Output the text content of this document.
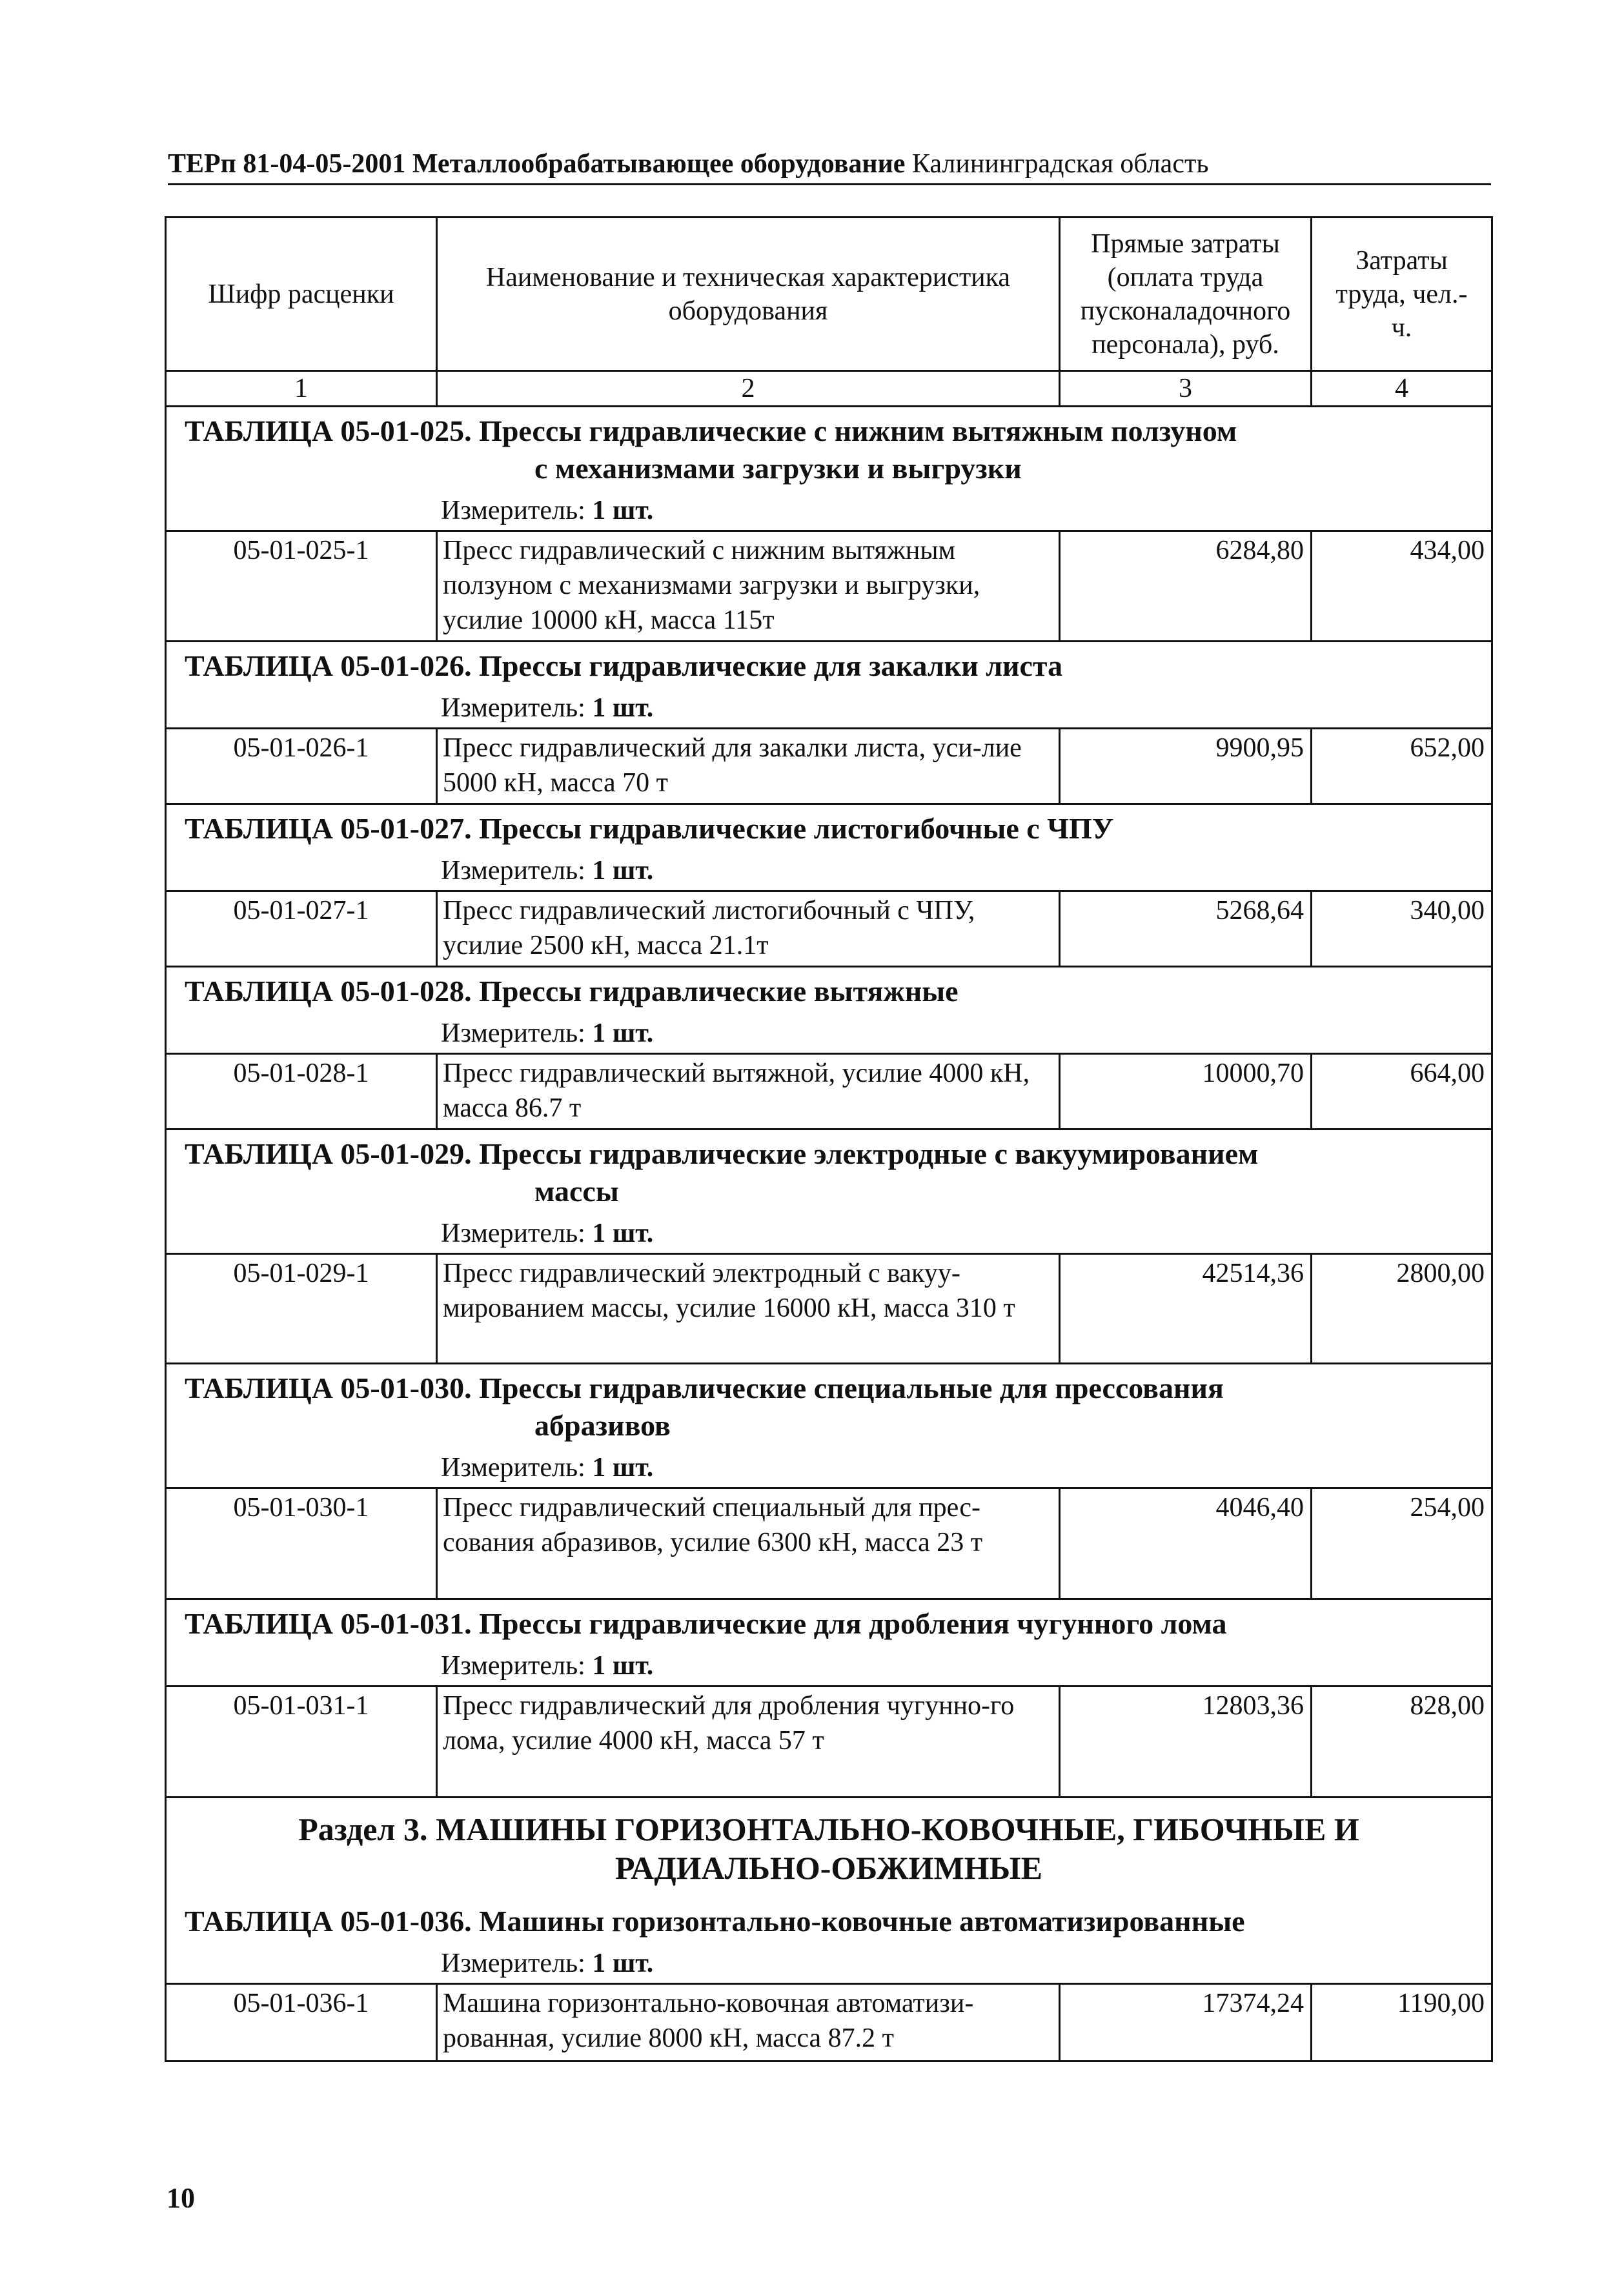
ТЕРп 81-04-05-2001 Металлообрабатывающее оборудование Калининградская область
Шифр расценки	Наименование и техническая характеристика оборудования	Прямые затраты (оплата труда пусконаладочного персонала), руб.	Затраты труда, чел.-ч.
1	2	3	4

ТАБЛИЦА 05-01-025. Прессы гидравлические с нижним вытяжным ползуном
с механизмами загрузки и выгрузки
Измеритель: 1 шт.			

05-01-025-1	Пресс гидравлический с нижним вытяжным ползуном с механизмами загрузки и выгрузки, усилие 10000 кН, масса 115т	6284,80	434,00

ТАБЛИЦА 05-01-026. Прессы гидравлические для закалки листа
Измеритель: 1 шт.			

05-01-026-1	Пресс гидравлический для закалки листа, уси-лие 5000 кН, масса 70 т	9900,95	652,00

ТАБЛИЦА 05-01-027. Прессы гидравлические листогибочные с ЧПУ
Измеритель: 1 шт.			

05-01-027-1	Пресс гидравлический листогибочный с ЧПУ, усилие 2500 кН, масса 21.1т	5268,64	340,00

ТАБЛИЦА 05-01-028. Прессы гидравлические вытяжные
Измеритель: 1 шт.			

05-01-028-1	Пресс гидравлический вытяжной, усилие 4000 кН, масса 86.7 т	10000,70	664,00

ТАБЛИЦА 05-01-029. Прессы гидравлические электродные с вакуумированием
массы
Измеритель: 1 шт.			

05-01-029-1	Пресс гидравлический электродный с вакуу-мированием массы, усилие 16000 кН, масса 310 т	42514,36	2800,00

ТАБЛИЦА 05-01-030. Прессы гидравлические специальные для прессования
абразивов
Измеритель: 1 шт.			

05-01-030-1	Пресс гидравлический специальный для прес-сования абразивов, усилие 6300 кН, масса 23 т	4046,40	254,00

ТАБЛИЦА 05-01-031. Прессы гидравлические для дробления чугунного лома
Измеритель: 1 шт.			

05-01-031-1	Пресс гидравлический для дробления чугунно-го лома, усилие 4000 кН, масса 57 т	12803,36	828,00

Раздел 3. МАШИНЫ ГОРИЗОНТАЛЬНО-КОВОЧНЫЕ, ГИБОЧНЫЕ И
РАДИАЛЬНО-ОБЖИМНЫЕ
ТАБЛИЦА 05-01-036. Машины горизонтально-ковочные автоматизированные
Измеритель: 1 шт.			

05-01-036-1	Машина горизонтально-ковочная автоматизи-рованная, усилие 8000 кН, масса 87.2 т	17374,24	1190,00
10
